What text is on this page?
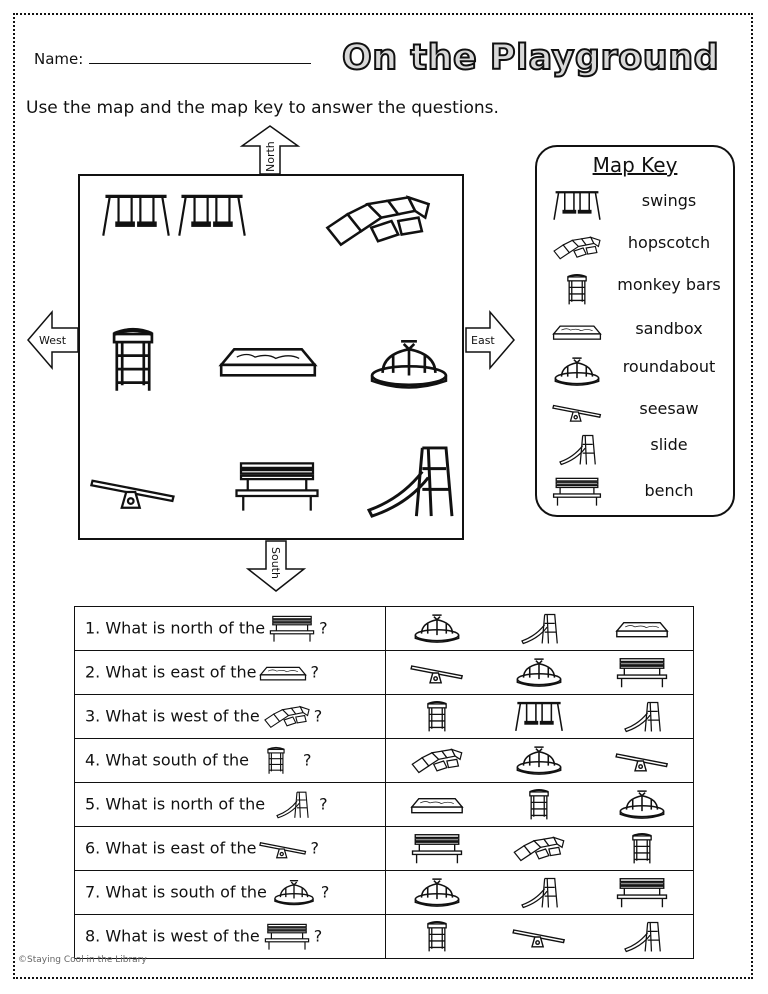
Name:	On the Playground
Use the map and the map key to answer the questions.
North
South
West	East
Map Key
swings
hopscotch
monkey bars
sandbox
roundabout
seesaw
slide
bench
1. What is north of the ?	

2. What is east of the ?	

3. What is west of the ?	

4. What south of the ?	

5. What is north of the ?	

6. What is east of the ?	

7. What is south of the ?	

8. What is west of the ?	
©Staying Cool in the Library
